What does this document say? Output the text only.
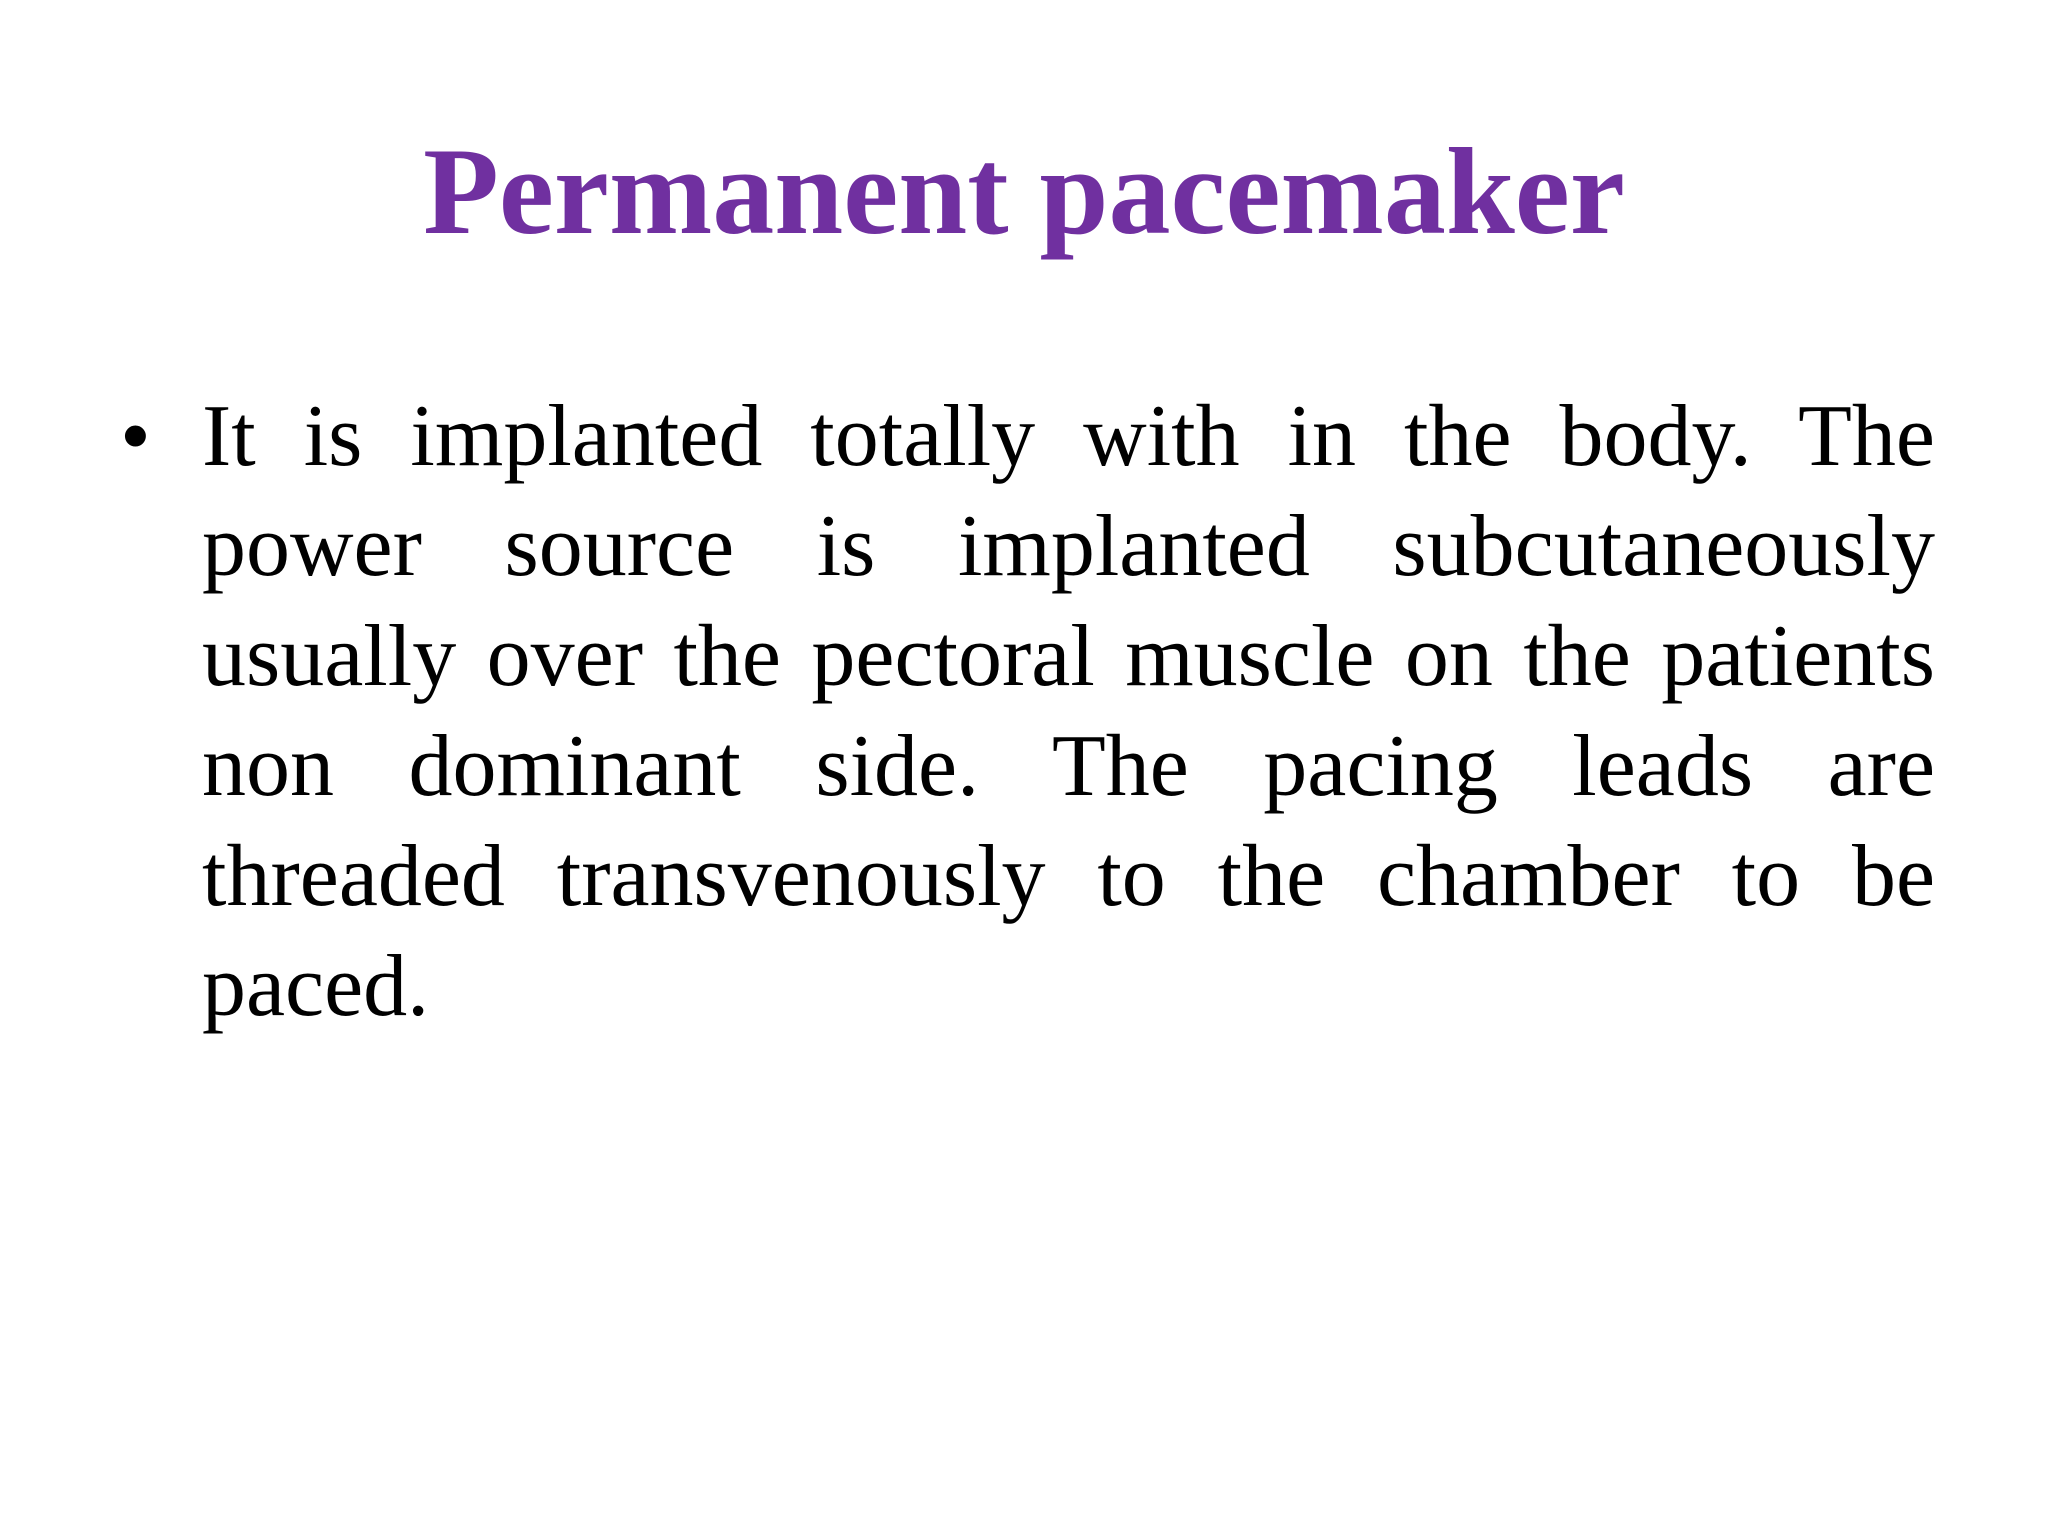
Permanent pacemaker
• It is implanted totally with in the body. The power source is implanted subcutaneously usually over the pectoral muscle on the patients non dominant side. The pacing leads are threaded transvenously to the chamber to be paced.
